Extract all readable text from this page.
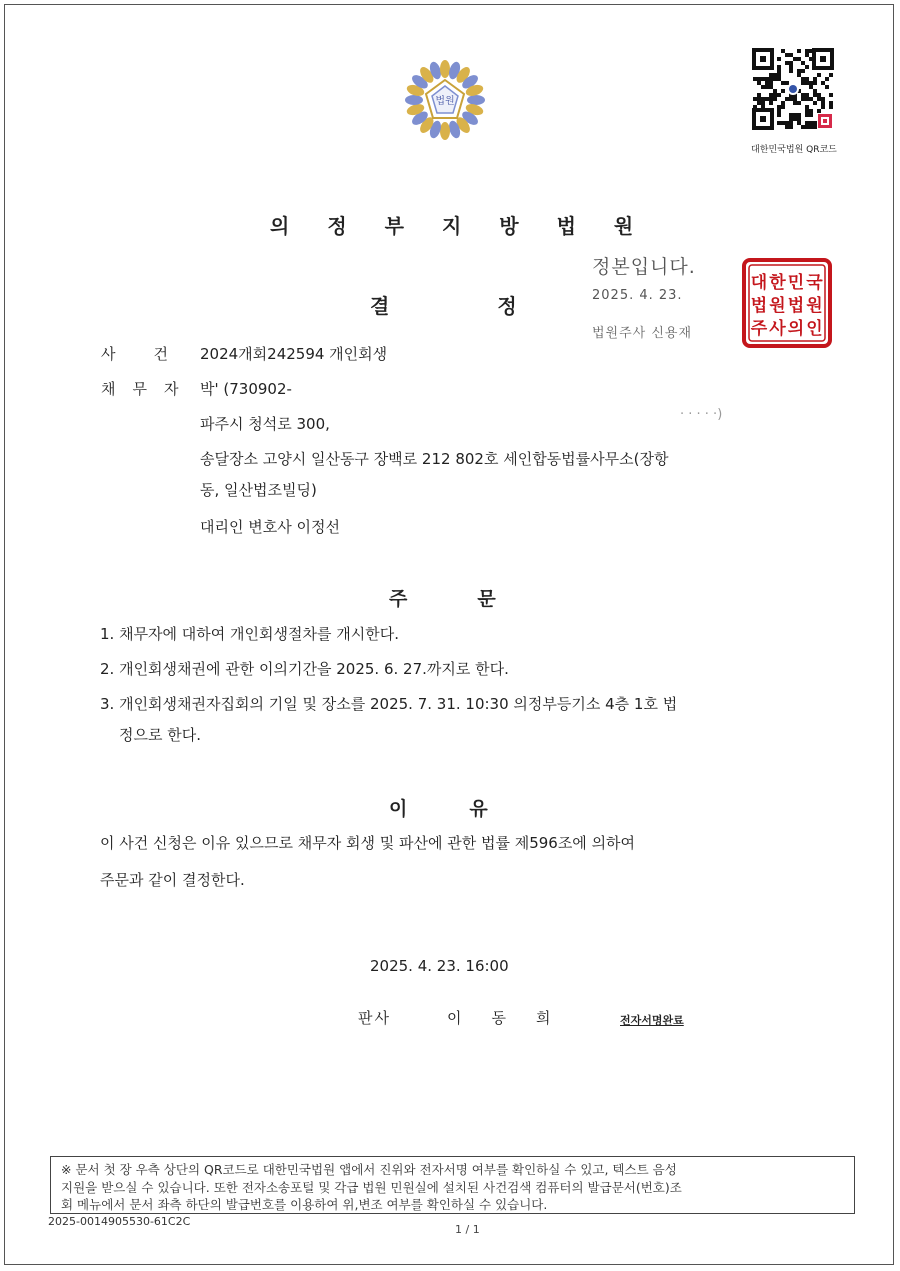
법원
대한민국법원 QR코드
의정부지방법원
정본입니다.
2025. 4. 23.
법원주사 신용재
대 한 민 국
법 원 법 원
주 사 의 인
결정
사건
2024개회242594 개인회생
채무자 박' (730902-
파주시 청석로 300,
· · · · ·)
송달장소 고양시 일산동구 장백로 212 802호 세인합동법률사무소(장항
동, 일산법조빌딩)
대리인 변호사 이정선
주문
1. 채무자에 대하여 개인회생절차를 개시한다.
2. 개인회생채권에 관한 이의기간을 2025. 6. 27.까지로 한다.
3. 개인회생채권자집회의 기일 및 장소를 2025. 7. 31. 10:30 의정부등기소 4층 1호 법
정으로 한다.
이유
이 사건 신청은 이유 있으므로 채무자 회생 및 파산에 관한 법률 제596조에 의하여
주문과 같이 결정한다.
2025. 4. 23. 16:00
판사	이동희	전자서명완료
※ 문서 첫 장 우측 상단의 QR코드로 대한민국법원 앱에서 진위와 전자서명 여부를 확인하실 수 있고, 텍스트 음성
지원을 받으실 수 있습니다. 또한 전자소송포털 및 각급 법원 민원실에 설치된 사건검색 컴퓨터의 발급문서(번호)조
회 메뉴에서 문서 좌측 하단의 발급번호를 이용하여 위,변조 여부를 확인하실 수 있습니다.
2025-0014905530-61C2C
1 / 1
